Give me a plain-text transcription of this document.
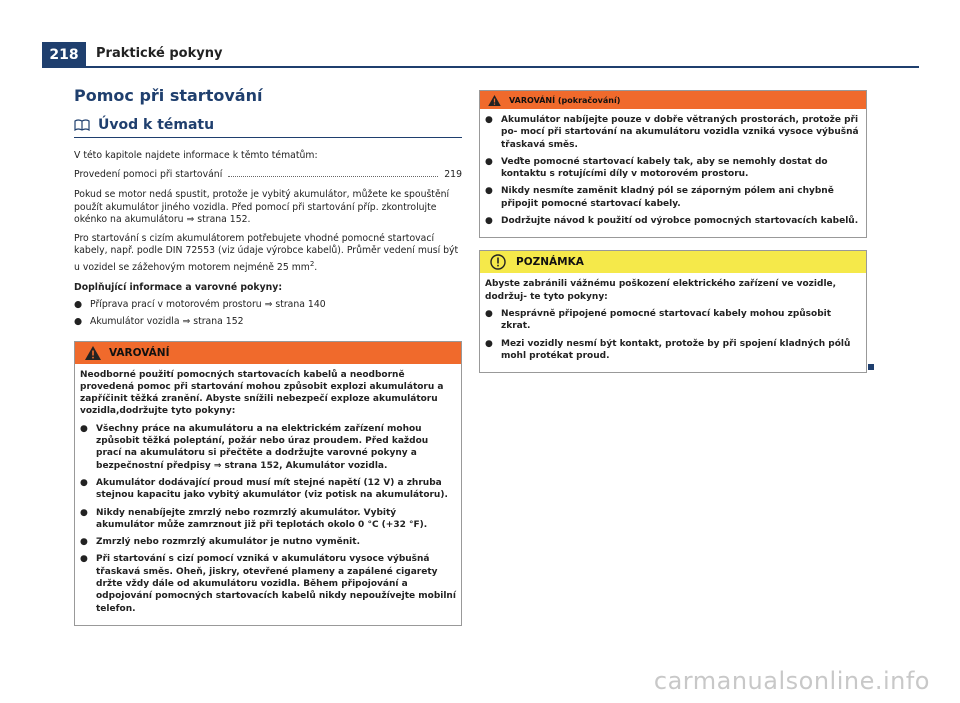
218	Praktické pokyny
Pomoc při startování
Úvod k tématu

V této kapitole najdete informace k těmto tématům:

Provedení pomoci při startování	219

Pokud se motor nedá spustit, protože je vybitý akumulátor, můžete ke spouštění použít akumulátor jiného vozidla. Před pomocí při startování příp. zkontrolujte okénko na akumulátoru ⇒ strana 152.

Pro startování s cizím akumulátorem potřebujete vhodné pomocné startovací kabely, např. podle DIN 72553 (viz údaje výrobce kabelů). Průměr vedení musí být u vozidel se zážehovým motorem nejméně 25 $mm^2$.

Doplňující informace a varovné pokyny:

● Příprava prací v motorovém prostoru ⇒ strana 140
● Akumulátor vozidla ⇒ strana 152
VAROVÁNÍ

Neodborné použití pomocných startovacích kabelů a neodborně provedená pomoc při startování mohou způsobit explozi akumulátoru a zapříčinit těžká zranění. Abyste snížili nebezpečí exploze akumulátoru vozidla,dodržujte tyto pokyny:

● Všechny práce na akumulátoru a na elektrickém zařízení mohou způsobit těžká poleptání, požár nebo úraz proudem. Před každou prací na akumulátoru si přečtěte a dodržujte varovné pokyny a bezpečnostní předpisy ⇒ strana 152, Akumulátor vozidla.
● Akumulátor dodávající proud musí mít stejné napětí (12 V) a zhruba stejnou kapacitu jako vybitý akumulátor (viz potisk na akumulátoru).
● Nikdy nenabíjejte zmrzlý nebo rozmrzlý akumulátor. Vybitý akumulátor může zamrznout již při teplotách okolo 0 °C (+32 °F).
● Zmrzlý nebo rozmrzlý akumulátor je nutno vyměnit.
● Při startování s cizí pomocí vzniká v akumulátoru vysoce výbušná třaskavá směs. Oheň, jiskry, otevřené plameny a zapálené cigarety držte vždy dále od akumulátoru vozidla. Během připojování a odpojování pomocných startovacích kabelů nikdy nepoužívejte mobilní telefon.
VAROVÁNÍ (pokračování)
● Akumulátor nabíjejte pouze v dobře větraných prostorách, protože při po- mocí při startování na akumulátoru vozidla vzniká vysoce výbušná třaskavá směs.
● Veďte pomocné startovací kabely tak, aby se nemohly dostat do kontaktu s rotujícími díly v motorovém prostoru.
● Nikdy nesmíte zaměnit kladný pól se záporným pólem ani chybně připojit pomocné startovací kabely.
● Dodržujte návod k použití od výrobce pomocných startovacích kabelů.
POZNÁMKA

Abyste zabránili vážnému poškození elektrického zařízení ve vozidle, dodržuj- te tyto pokyny:

● Nesprávně připojené pomocné startovací kabely mohou způsobit zkrat.
● Mezi vozidly nesmí být kontakt, protože by při spojení kladných pólů mohl protékat proud.
carmanualsonline.info
